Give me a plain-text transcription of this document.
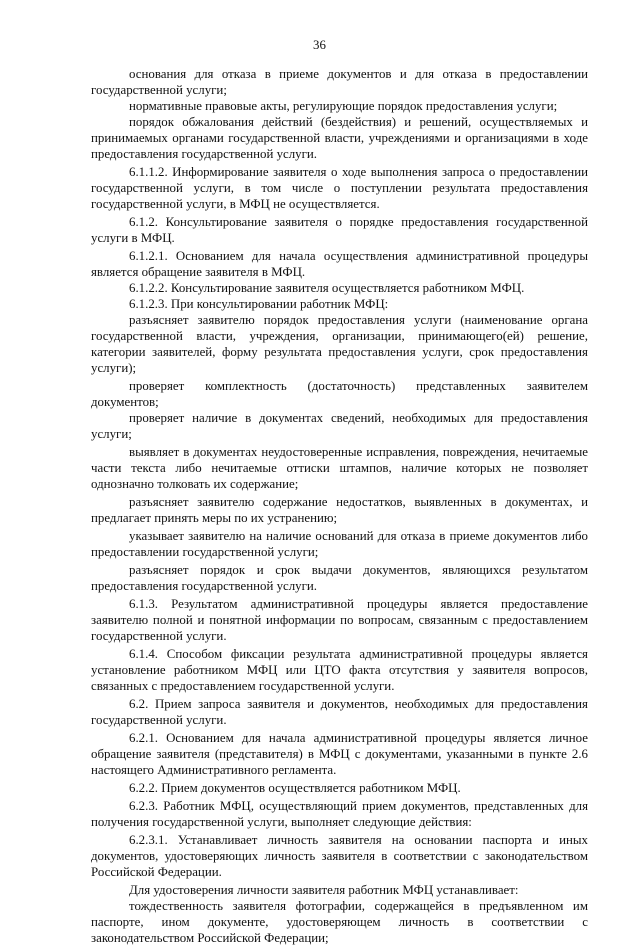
36

основания для отказа в приеме документов и для отказа в предоставлении государственной услуги;

нормативные правовые акты, регулирующие порядок предоставления услуги;

порядок обжалования действий (бездействия) и решений, осуществляемых и принимаемых органами государственной власти, учреждениями и организациями в ходе предоставления государственной услуги.

6.1.1.2. Информирование заявителя о ходе выполнения запроса о предоставлении государственной услуги, в том числе о поступлении результата предоставления государственной услуги, в МФЦ не осуществляется.

6.1.2. Консультирование заявителя о порядке предоставления государственной услуги в МФЦ.

6.1.2.1. Основанием для начала осуществления административной процедуры является обращение заявителя в МФЦ.

6.1.2.2. Консультирование заявителя осуществляется работником МФЦ.

6.1.2.3. При консультировании работник МФЦ:

разъясняет заявителю порядок предоставления услуги (наименование органа государственной власти, учреждения, организации, принимающего(ей) решение, категории заявителей, форму результата предоставления услуги, срок предоставления услуги);

проверяет комплектность (достаточность) представленных заявителем документов;

проверяет наличие в документах сведений, необходимых для предоставления услуги;

выявляет в документах неудостоверенные исправления, повреждения, нечитаемые части текста либо нечитаемые оттиски штампов, наличие которых не позволяет однозначно толковать их содержание;

разъясняет заявителю содержание недостатков, выявленных в документах, и предлагает принять меры по их устранению;

указывает заявителю на наличие оснований для отказа в приеме документов либо предоставлении государственной услуги;

разъясняет порядок и срок выдачи документов, являющихся результатом предоставления государственной услуги.

6.1.3. Результатом административной процедуры является предоставление заявителю полной и понятной информации по вопросам, связанным с предоставлением государственной услуги.

6.1.4. Способом фиксации результата административной процедуры является установление работником МФЦ или ЦТО факта отсутствия у заявителя вопросов, связанных с предоставлением государственной услуги.

6.2. Прием запроса заявителя и документов, необходимых для предоставления государственной услуги.

6.2.1. Основанием для начала административной процедуры является личное обращение заявителя (представителя) в МФЦ с документами, указанными в пункте 2.6 настоящего Административного регламента.

6.2.2. Прием документов осуществляется работником МФЦ.

6.2.3. Работник МФЦ, осуществляющий прием документов, представленных для получения государственной услуги, выполняет следующие действия:

6.2.3.1. Устанавливает личность заявителя на основании паспорта и иных документов, удостоверяющих личность заявителя в соответствии с законодательством Российской Федерации.

Для удостоверения личности заявителя работник МФЦ устанавливает:

тождественность заявителя фотографии, содержащейся в предъявленном им паспорте, ином документе, удостоверяющем личность в соответствии с законодательством Российской Федерации;
